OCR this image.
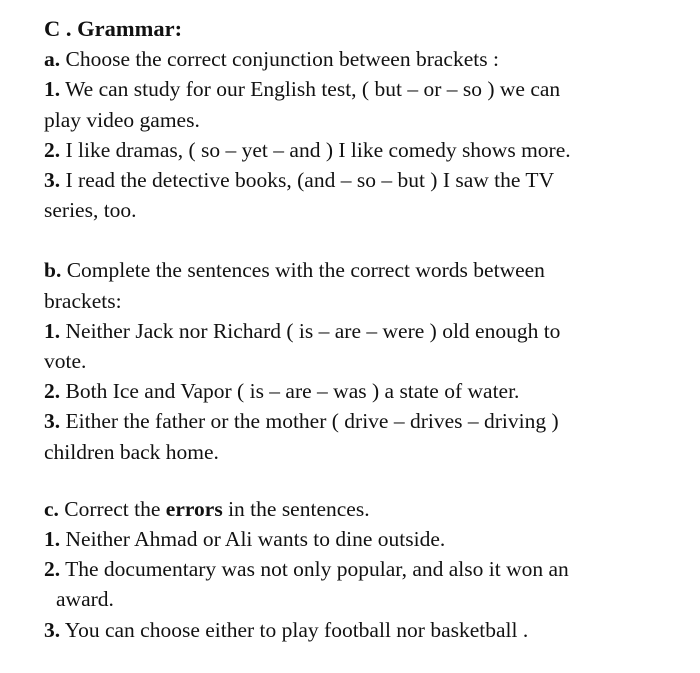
C . Grammar:
a. Choose the correct conjunction between brackets :
1. We can study for our English test, ( but – or – so ) we can
play video games.
2. I like dramas, ( so – yet – and ) I like comedy shows more.
3. I read the detective books, (and – so – but ) I saw the TV
series, too.
b. Complete the sentences with the correct words between
brackets:
1. Neither Jack nor Richard ( is – are – were ) old enough to
vote.
2. Both Ice and Vapor ( is – are – was ) a state of water.
3. Either the father or the mother ( drive – drives – driving )
children back home.
c. Correct the errors in the sentences.
1. Neither Ahmad or Ali wants to dine outside.
2. The documentary was not only popular, and also it won an
award.
3. You can choose either to play football nor basketball .
